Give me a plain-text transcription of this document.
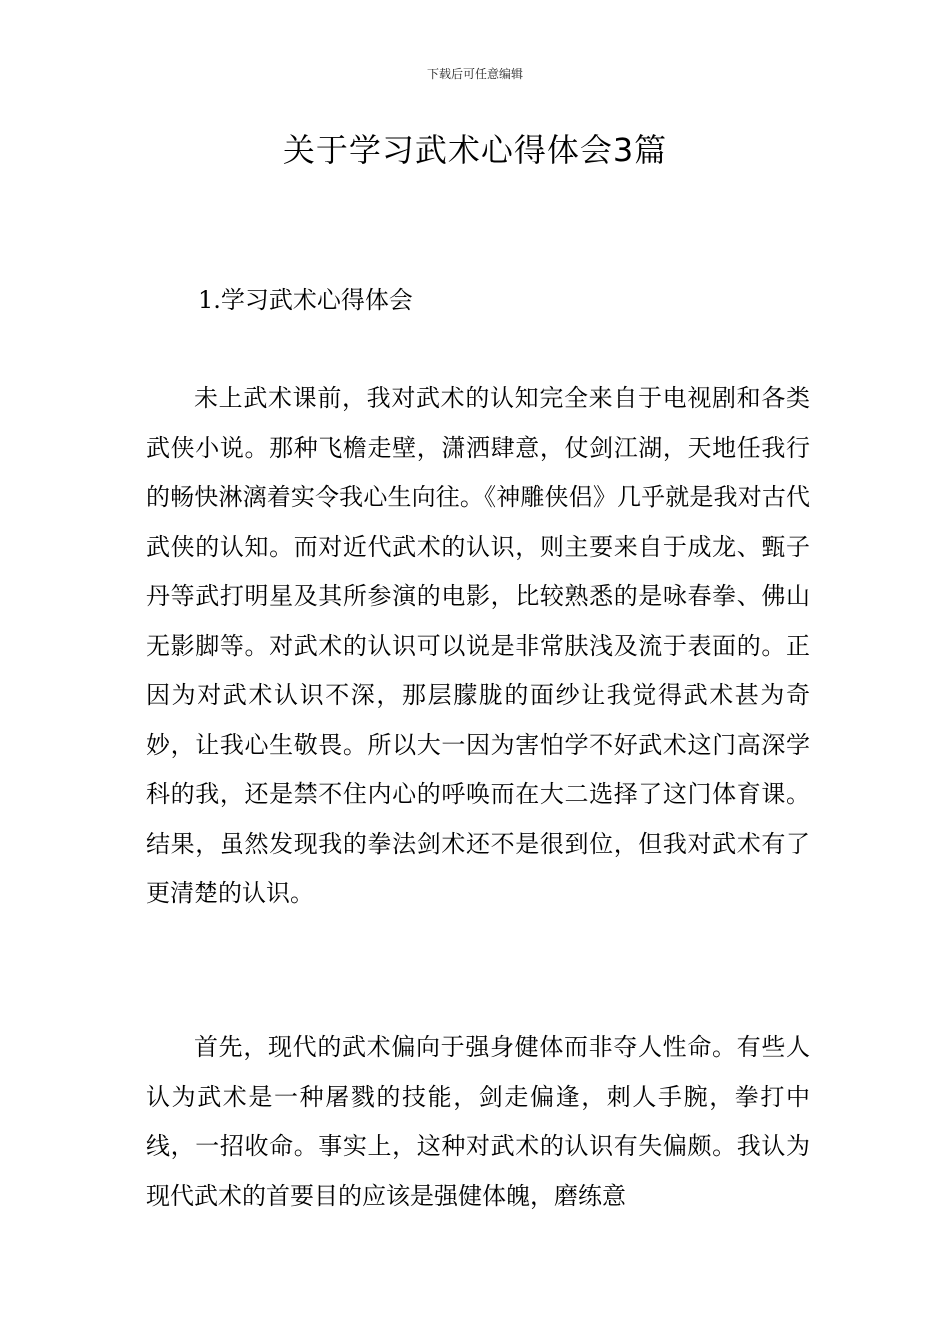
下载后可任意编辑
关于学习武术心得体会3篇
1.学习武术心得体会

未上武术课前，我对武术的认知完全来自于电视剧和各类武侠小说。那种飞檐走壁，潇洒肆意，仗剑江湖，天地任我行的畅快淋漓着实令我心生向往。《神雕侠侣》几乎就是我对古代武侠的认知。而对近代武术的认识，则主要来自于成龙、甄子丹等武打明星及其所参演的电影，比较熟悉的是咏春拳、佛山无影脚等。对武术的认识可以说是非常肤浅及流于表面的。正因为对武术认识不深，那层朦胧的面纱让我觉得武术甚为奇妙，让我心生敬畏。所以大一因为害怕学不好武术这门高深学科的我，还是禁不住内心的呼唤而在大二选择了这门体育课。结果，虽然发现我的拳法剑术还不是很到位，但我对武术有了更清楚的认识。

首先，现代的武术偏向于强身健体而非夺人性命。有些人认为武术是一种屠戮的技能，剑走偏逢，刺人手腕，拳打中线，一招收命。事实上，这种对武术的认识有失偏颇。我认为现代武术的首要目的应该是强健体魄，磨练意
